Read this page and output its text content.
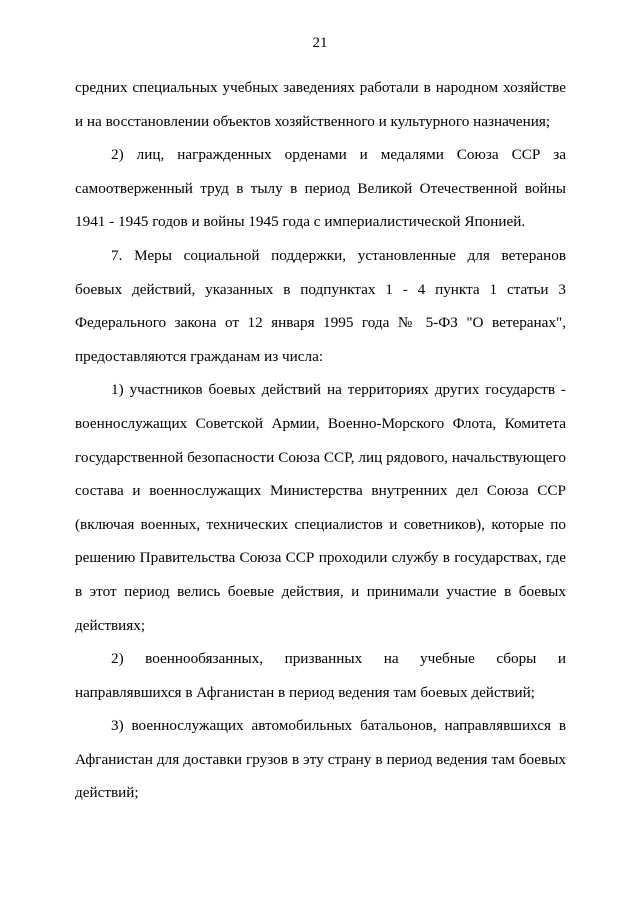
21

средних специальных учебных заведениях работали в народном хозяйстве и на восстановлении объектов хозяйственного и культурного назначения;

2) лиц, награжденных орденами и медалями Союза ССР за самоотверженный труд в тылу в период Великой Отечественной войны 1941 - 1945 годов и войны 1945 года с империалистической Японией.

7. Меры социальной поддержки, установленные для ветеранов боевых действий, указанных в подпунктах 1 - 4 пункта 1 статьи 3 Федерального закона от 12 января 1995 года № 5-ФЗ "О ветеранах", предоставляются гражданам из числа:

1) участников боевых действий на территориях других государств - военнослужащих Советской Армии, Военно-Морского Флота, Комитета государственной безопасности Союза ССР, лиц рядового, начальствующего состава и военнослужащих Министерства внутренних дел Союза ССР (включая военных, технических специалистов и советников), которые по решению Правительства Союза ССР проходили службу в государствах, где в этот период велись боевые действия, и принимали участие в боевых действиях;

2) военнообязанных, призванных на учебные сборы и направлявшихся в Афганистан в период ведения там боевых действий;

3) военнослужащих автомобильных батальонов, направлявшихся в Афганистан для доставки грузов в эту страну в период ведения там боевых действий;
